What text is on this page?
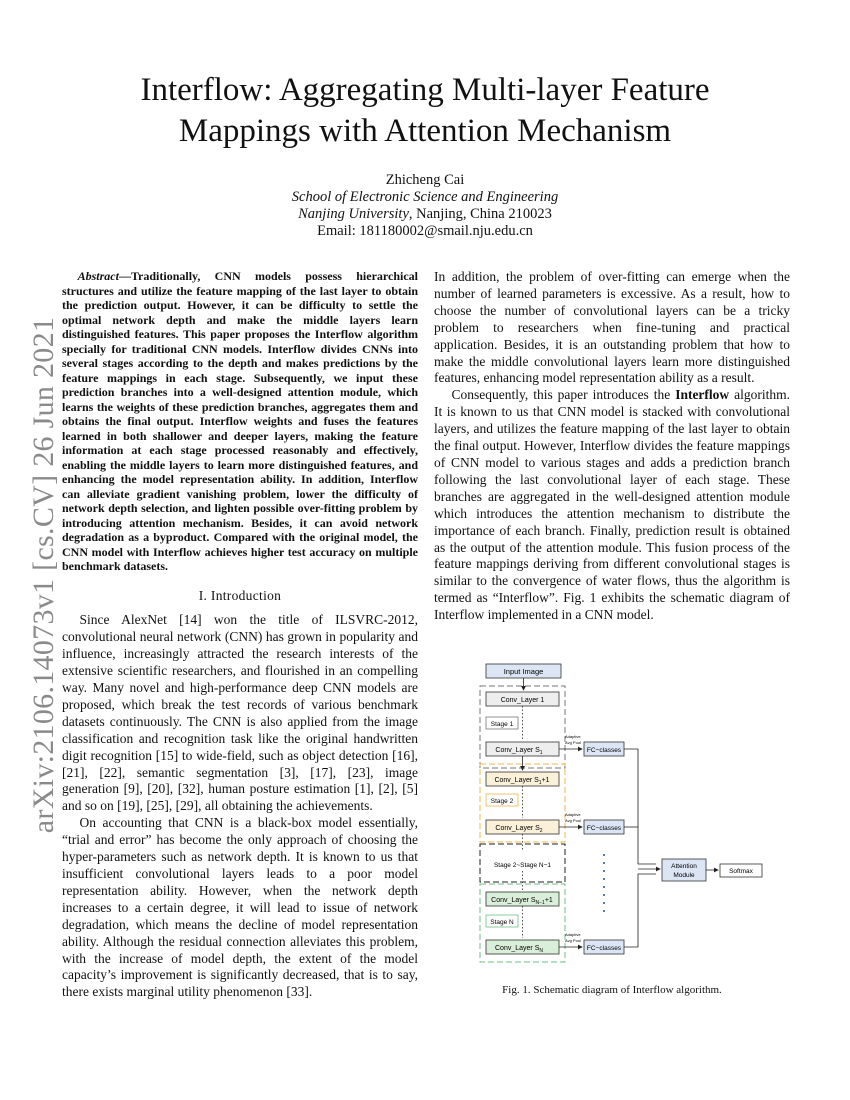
arXiv:2106.14073v1 [cs.CV] 26 Jun 2021
Interflow: Aggregating Multi-layer Feature
Mappings with Attention Mechanism
Zhicheng Cai
School of Electronic Science and Engineering
Nanjing University, Nanjing, China 210023
Email: 181180002@smail.nju.edu.cn

Abstract—Traditionally, CNN models possess hierarchical structures and utilize the feature mapping of the last layer to obtain the prediction output. However, it can be difficulty to settle the optimal network depth and make the middle layers learn distinguished features. This paper proposes the Interflow algorithm specially for traditional CNN models. Interflow divides CNNs into several stages according to the depth and makes predictions by the feature mappings in each stage. Subsequently, we input these prediction branches into a well-designed attention module, which learns the weights of these prediction branches, aggregates them and obtains the final output. Interflow weights and fuses the features learned in both shallower and deeper layers, making the feature information at each stage processed reasonably and effectively, enabling the middle layers to learn more distinguished features, and enhancing the model representation ability. In addition, Interflow can alleviate gradient vanishing problem, lower the difficulty of network depth selection, and lighten possible over-fitting problem by introducing attention mechanism. Besides, it can avoid network degradation as a byproduct. Compared with the original model, the CNN model with Interflow achieves higher test accuracy on multiple benchmark datasets.

I. Introduction

Since AlexNet [14] won the title of ILSVRC-2012, convolutional neural network (CNN) has grown in popularity and influence, increasingly attracted the research interests of the extensive scientific researchers, and flourished in an compelling way. Many novel and high-performance deep CNN models are proposed, which break the test records of various benchmark datasets continuously. The CNN is also applied from the image classification and recognition task like the original handwritten digit recognition [15] to wide-field, such as object detection [16], [21], [22], semantic segmentation [3], [17], [23], image generation [9], [20], [32], human posture estimation [1], [2], [5] and so on [19], [25], [29], all obtaining the achievements.

On accounting that CNN is a black-box model essentially, “trial and error” has become the only approach of choosing the hyper-parameters such as network depth. It is known to us that insufficient convolutional layers leads to a poor model representation ability. However, when the network depth increases to a certain degree, it will lead to issue of network degradation, which means the decline of model representation ability. Although the residual connection alleviates this problem, with the increase of model depth, the extent of the model capacity’s improvement is significantly decreased, that is to say, there exists marginal utility phenomenon [33].

In addition, the problem of over-fitting can emerge when the number of learned parameters is excessive. As a result, how to choose the number of convolutional layers can be a tricky problem to researchers when fine-tuning and practical application. Besides, it is an outstanding problem that how to make the middle convolutional layers learn more distinguished features, enhancing model representation ability as a result.

Consequently, this paper introduces the Interflow algorithm. It is known to us that CNN model is stacked with convolutional layers, and utilizes the feature mapping of the last layer to obtain the final output. However, Interflow divides the feature mappings of CNN model to various stages and adds a prediction branch following the last convolutional layer of each stage. These branches are aggregated in the well-designed attention module which introduces the attention mechanism to distribute the importance of each branch. Finally, prediction result is obtained as the output of the attention module. This fusion process of the feature mappings deriving from different convolutional stages is similar to the convergence of water flows, thus the algorithm is termed as “Interflow”. Fig. 1 exhibits the schematic diagram of Interflow implemented in a CNN model.

Input Image
Conv_Layer 1
Stage 1
Conv_Layer $S_1$
Conv_Layer $S_1+1$
Stage 2
Conv_Layer $S_2$
Stage 2~Stage N−1
Conv_Layer $S_{N-1}+1$
Stage N
Conv_Layer $S_N$
Adaptive
Avg Pool
Adaptive
Avg Pool
Adaptive
Avg Pool
FC−classes
FC−classes
FC−classes
Attention
Module
Softmax
Fig. 1. Schematic diagram of Interflow algorithm.
